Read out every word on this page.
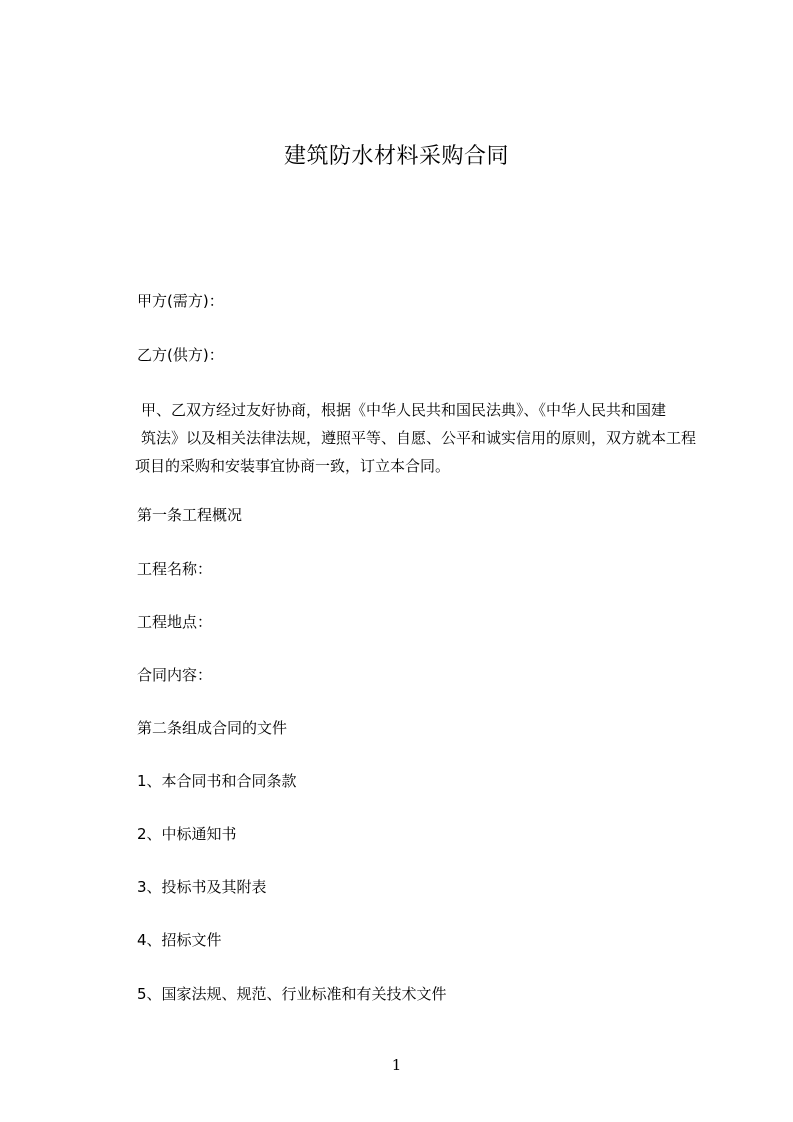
建筑防水材料采购合同

甲方(需方)：

乙方(供方)：

甲、乙双方经过友好协商，根据《中华人民共和国民法典》、《中华人民共和国建
筑法》以及相关法律法规，遵照平等、自愿、公平和诚实信用的原则，双方就本工程
项目的采购和安装事宜协商一致，订立本合同。

第一条工程概况

工程名称：

工程地点：

合同内容：

第二条组成合同的文件

1、本合同书和合同条款

2、中标通知书

3、投标书及其附表

4、招标文件

5、国家法规、规范、行业标准和有关技术文件

1
